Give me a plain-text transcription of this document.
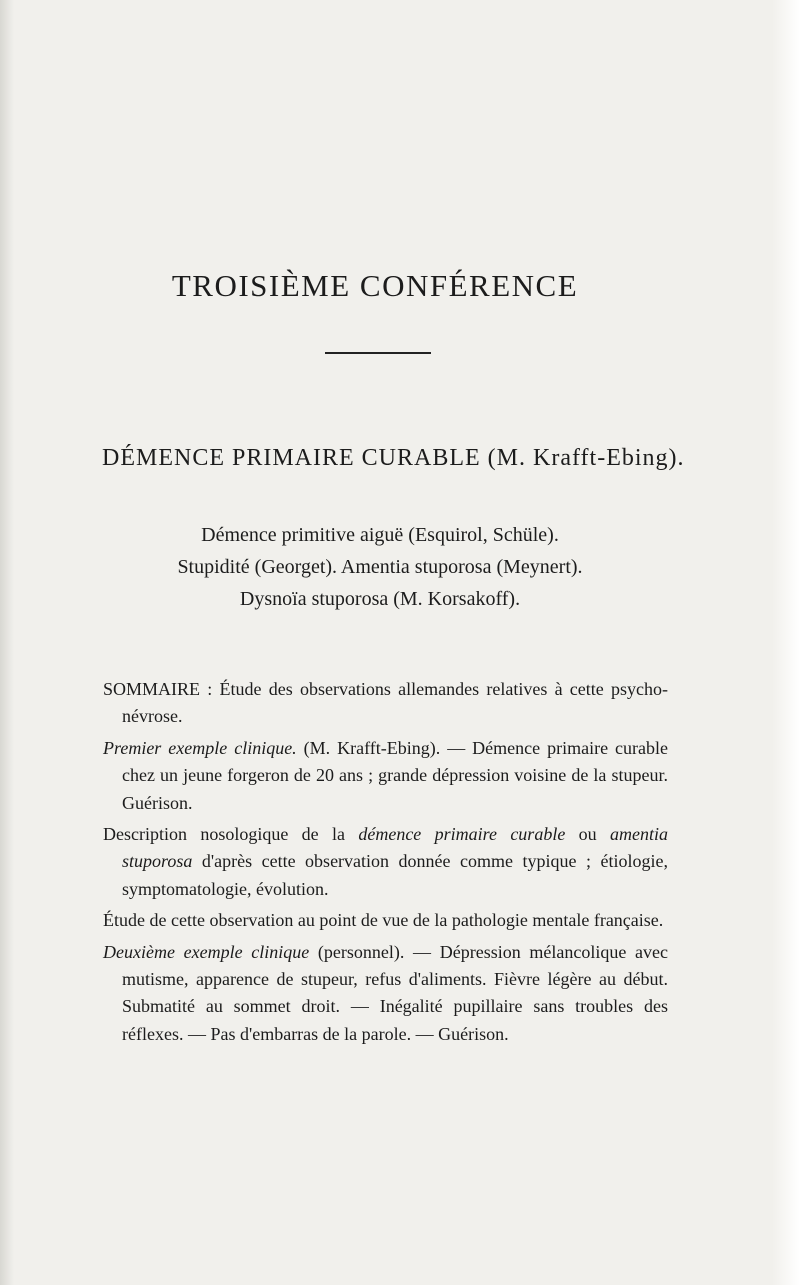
TROISIÈME CONFÉRENCE
DÉMENCE PRIMAIRE CURABLE (M. Krafft-Ebing).
Démence primitive aiguë (Esquirol, Schüle).
Stupidité (Georget). Amentia stuporosa (Meynert).
Dysnoïa stuporosa (M. Korsakoff).

SOMMAIRE : Étude des observations allemandes relatives à cette psycho-névrose.

Premier exemple clinique. (M. Krafft-Ebing). — Démence primaire curable chez un jeune forgeron de 20 ans ; grande dépression voisine de la stupeur. Guérison.

Description nosologique de la démence primaire curable ou amentia stuporosa d'après cette observation donnée comme typique ; étiologie, symptomatologie, évolution.

Étude de cette observation au point de vue de la pathologie mentale française.

Deuxième exemple clinique (personnel). — Dépression mélancolique avec mutisme, apparence de stupeur, refus d'aliments. Fièvre légère au début. Submatité au sommet droit. — Inégalité pupillaire sans troubles des réflexes. — Pas d'embarras de la parole. — Guérison.
